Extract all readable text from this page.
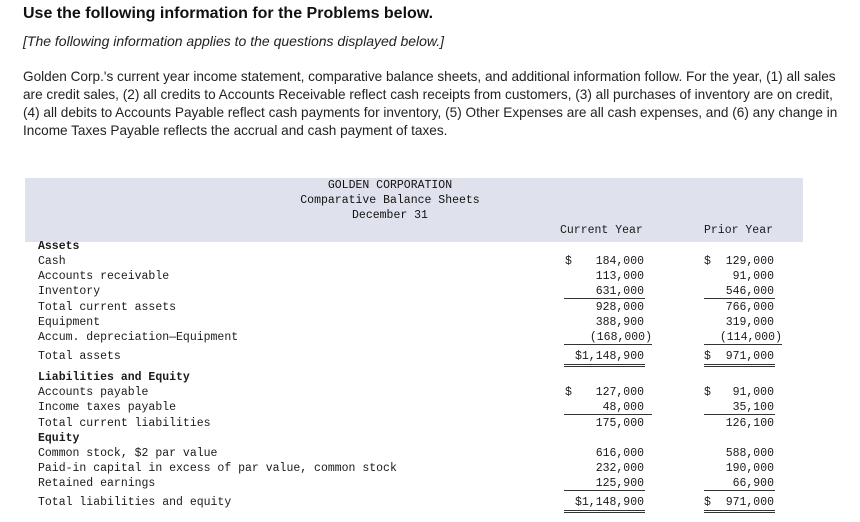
Use the following information for the Problems below.
[The following information applies to the questions displayed below.]
Golden Corp.'s current year income statement, comparative balance sheets, and additional information follow. For the year, (1) all sales are credit sales, (2) all credits to Accounts Receivable reflect cash receipts from customers, (3) all purchases of inventory are on credit, (4) all debits to Accounts Payable reflect cash payments for inventory, (5) Other Expenses are all cash expenses, and (6) any change in Income Taxes Payable reflects the accrual and cash payment of taxes.
GOLDEN CORPORATION
Comparative Balance Sheets
December 31
Current Year	Prior Year
Assets
Cash	$ 184,000	$ 129,000
Accounts receivable	113,000	91,000
Inventory	631,000	546,000
Total current assets	928,000	766,000
Equipment	388,900	319,000
Accum. depreciation—Equipment	(168,000)	(114,000)
Total assets	$1,148,900	$ 971,000
Liabilities and Equity
Accounts payable	$ 127,000	$ 91,000
Income taxes payable	48,000	35,100
Total current liabilities	175,000	126,100
Equity
Common stock, $2 par value	616,000	588,000
Paid-in capital in excess of par value, common stock	232,000	190,000
Retained earnings	125,900	66,900
Total liabilities and equity	$1,148,900	$ 971,000
